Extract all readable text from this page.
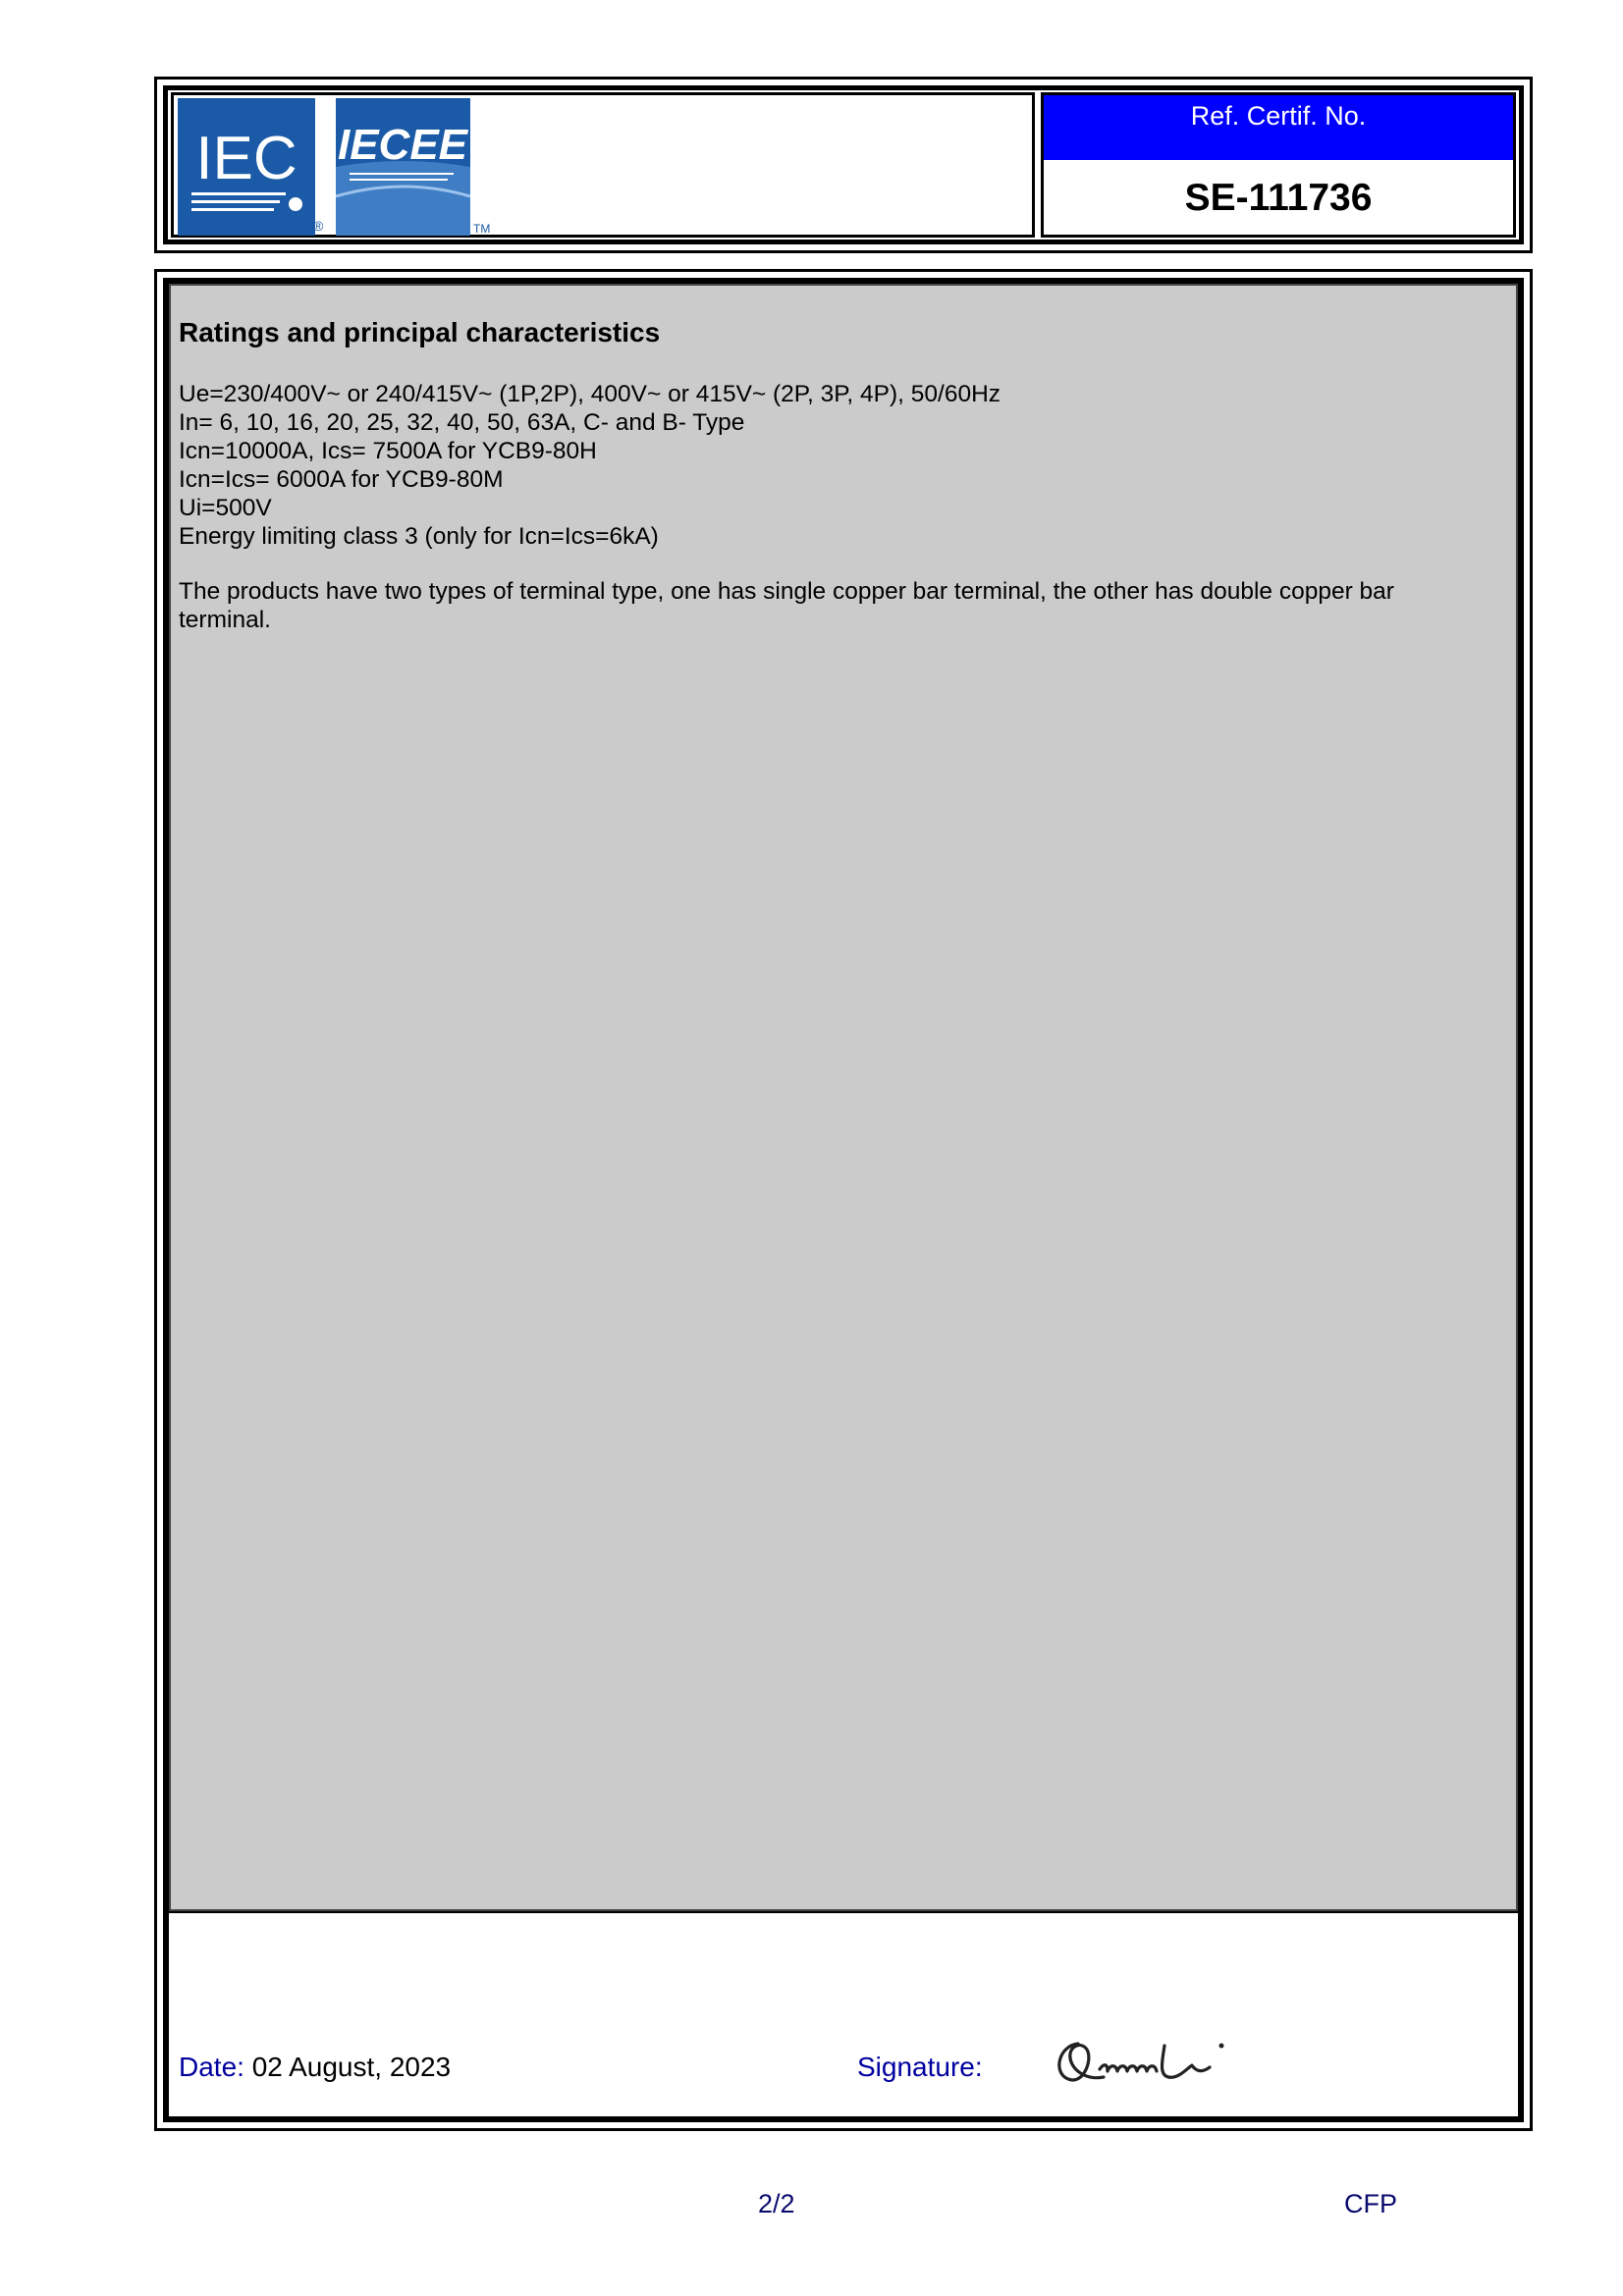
IEC
®
IECEE
TM
Ref. Certif. No.
SE-111736
Ratings and principal characteristics
Ue=230/400V~ or 240/415V~ (1P,2P), 400V~ or 415V~ (2P, 3P, 4P), 50/60Hz
In= 6, 10, 16, 20, 25, 32, 40, 50, 63A, C- and B- Type
Icn=10000A, Ics= 7500A for YCB9-80H
Icn=Ics= 6000A for YCB9-80M
Ui=500V
Energy limiting class 3 (only for Icn=Ics=6kA)
The products have two types of terminal type, one has single copper bar terminal, the other has double copper bar terminal.
Date: 02 August, 2023	Signature:
2/2	CFP
